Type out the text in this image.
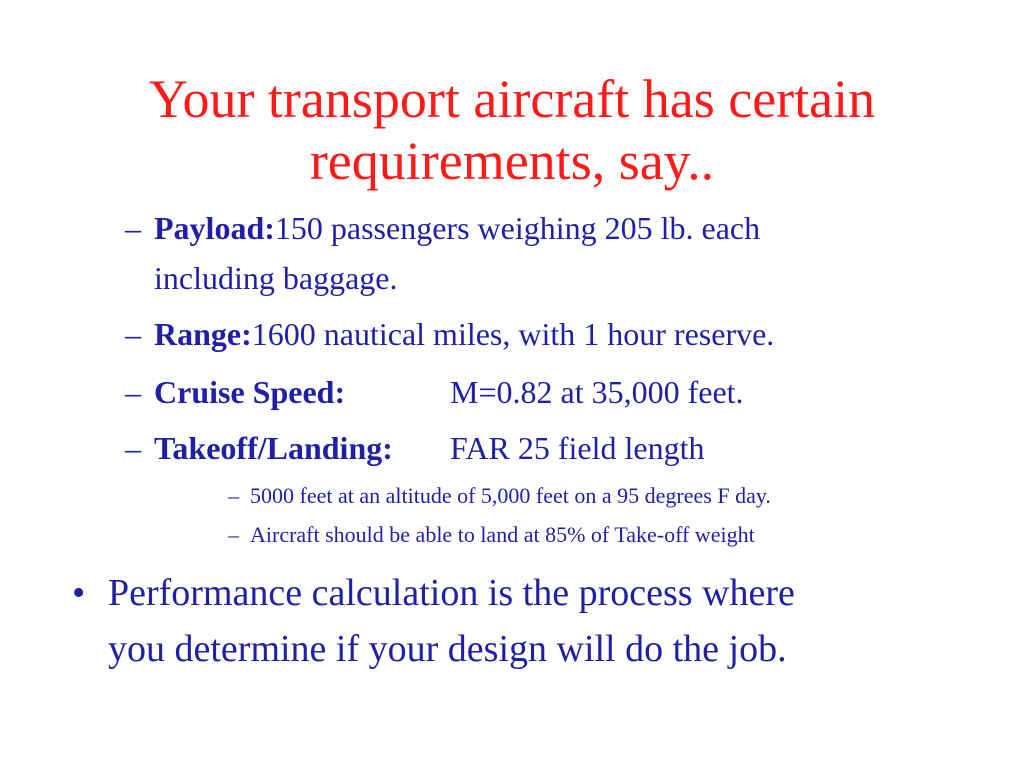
Your transport aircraft has certain
requirements, say..
– Payload:150 passengers weighing 205 lb. each
including baggage.
– Range:1600 nautical miles, with 1 hour reserve.
– Cruise Speed:	M=0.82 at 35,000 feet.
– Takeoff/Landing: FAR 25 field length
– 5000 feet at an altitude of 5,000 feet on a 95 degrees F day.
– Aircraft should be able to land at 85% of Take-off weight
• Performance calculation is the process where
you determine if your design will do the job.
